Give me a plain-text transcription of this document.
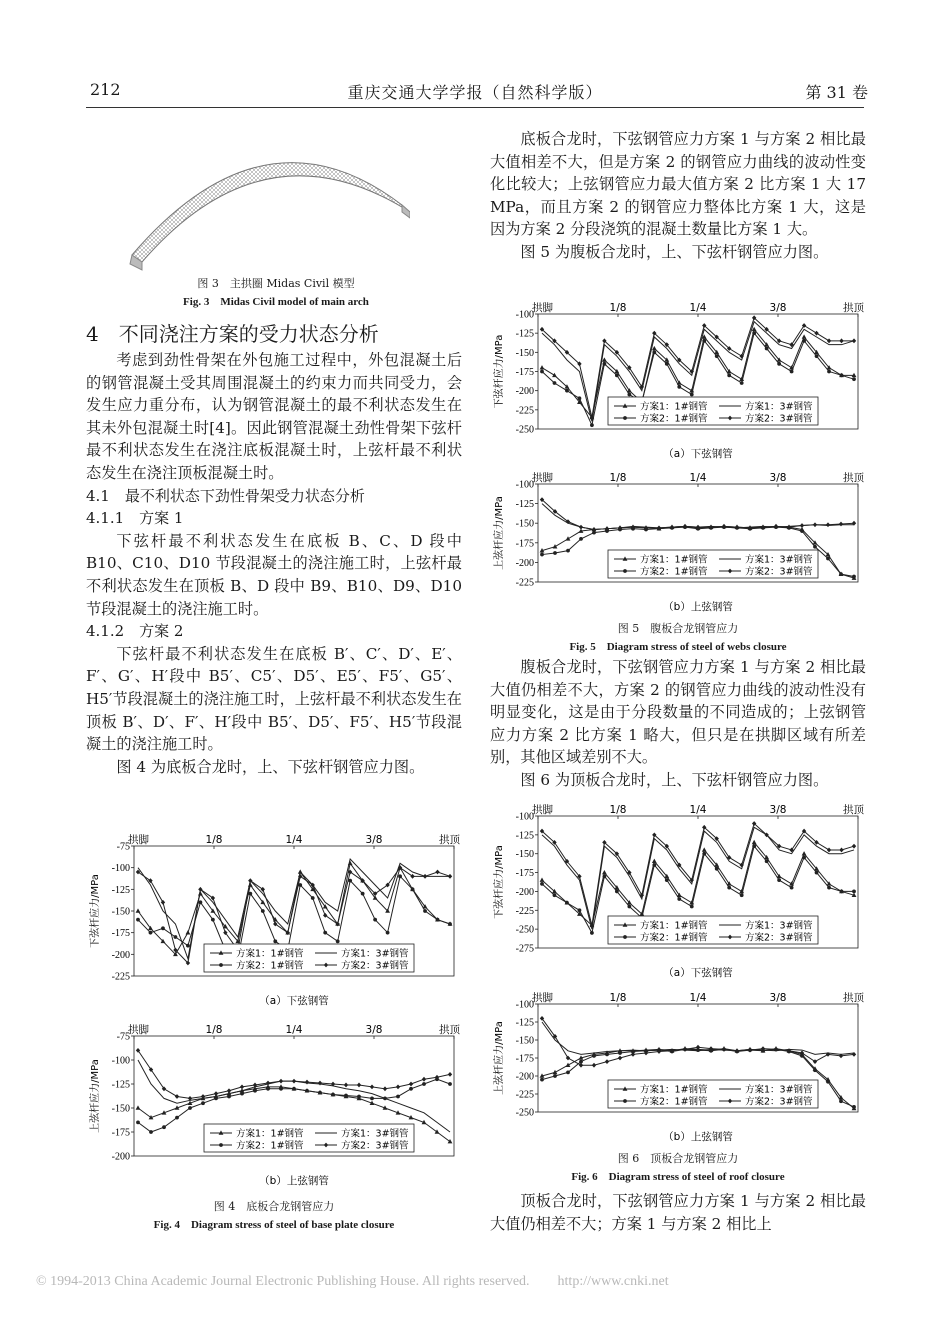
212	重庆交通大学学报（自然科学版）	第 31 卷

图 3　主拱圈 Midas Civil 模型

Fig. 3　Midas Civil model of main arch

4　不同浇注方案的受力状态分析

考虑到劲性骨架在外包施工过程中，外包混凝土后的钢管混凝土受其周围混凝土的约束力而共同受力，会发生应力重分布，认为钢管混凝土的最不利状态发生在其未外包混凝土时[4]。因此钢管混凝土劲性骨架下弦杆最不利状态发生在浇注底板混凝土时，上弦杆最不利状态发生在浇注顶板混凝土时。

4.1　最不利状态下劲性骨架受力状态分析

4.1.1　方案 1

下弦杆最不利状态发生在底板 B、C、D 段中 B10、C10、D10 节段混凝土的浇注施工时，上弦杆最不利状态发生在顶板 B、D 段中 B9、B10、D9、D10 节段混凝土的浇注施工时。

4.1.2　方案 2

下弦杆最不利状态发生在底板 B′、C′、D′、E′、F′、G′、H′段中 B5′、C5′、D5′、E5′、F5′、G5′、H5′节段混凝土的浇注施工时，上弦杆最不利状态发生在顶板 B′、D′、F′、H′段中 B5′、D5′、F5′、H5′节段混凝土的浇注施工时。

图 4 为底板合龙时，上、下弦杆钢管应力图。

底板合龙时，下弦钢管应力方案 1 与方案 2 相比最大值相差不大，但是方案 2 的钢管应力曲线的波动性变化比较大；上弦钢管应力最大值方案 2 比方案 1 大 17 MPa，而且方案 2 的钢管应力整体比方案 1 大，这是因为方案 2 分段浇筑的混凝土数量比方案 1 大。

图 5 为腹板合龙时，上、下弦杆钢管应力图。

-100
-125
-150
-175
-200
-225
-250
拱脚	1/8	1/4	3/8	拱顶
下弦杆应力/MPa	方案1：1#钢管	方案1：3#钢管
方案2：1#钢管	方案2：3#钢管
（a）下弦钢管
-100
-125
-150
-175
-200
-225
拱脚	1/8	1/4	3/8	拱顶
上弦杆应力/MPa	方案1：1#钢管	方案1：3#钢管
方案2：1#钢管	方案2：3#钢管
（b）上弦钢管

图 5　腹板合龙钢管应力

Fig. 5　Diagram stress of steel of webs closure

腹板合龙时，下弦钢管应力方案 1 与方案 2 相比最大值仍相差不大，方案 2 的钢管应力曲线的波动性没有明显变化，这是由于分段数量的不同造成的；上弦钢管应力方案 2 比方案 1 略大，但只是在拱脚区域有所差别，其他区域差别不大。

图 6 为顶板合龙时，上、下弦杆钢管应力图。

-100
-125
-150
-175
-200
-225
-250
-275
拱脚	1/8	1/4	3/8	拱顶
下弦杆应力/MPa
方案1：1#钢管	方案1：3#钢管
方案2：1#钢管	方案2：3#钢管
（a）下弦钢管
-100
-125
-150
-175
-200
-225
-250
拱脚	1/8	1/4	3/8	拱顶
上弦杆应力/MPa	方案1：1#钢管	方案1：3#钢管
方案2：1#钢管	方案2：3#钢管
（b）上弦钢管

图 6　顶板合龙钢管应力

Fig. 6　Diagram stress of steel of roof closure

顶板合龙时，下弦钢管应力方案 1 与方案 2 相比最大值仍相差不大；方案 1 与方案 2 相比上

-75
-100
-125
-150
-175
-200
-225
拱脚	1/8	1/4	3/8	拱顶
下弦杆应力/MPa
方案1：1#钢管	方案1：3#钢管
方案2：1#钢管	方案2：3#钢管
（a）下弦钢管
-75
-100
-125
-150
-175
-200
拱脚	1/8	1/4	3/8	拱顶
上弦杆应力/MPa
方案1：1#钢管	方案1：3#钢管
方案2：1#钢管	方案2：3#钢管
（b）上弦钢管

图 4　底板合龙钢管应力

Fig. 4　Diagram stress of steel of base plate closure

© 1994-2013 China Academic Journal Electronic Publishing House. All rights reserved.　　http://www.cnki.net
